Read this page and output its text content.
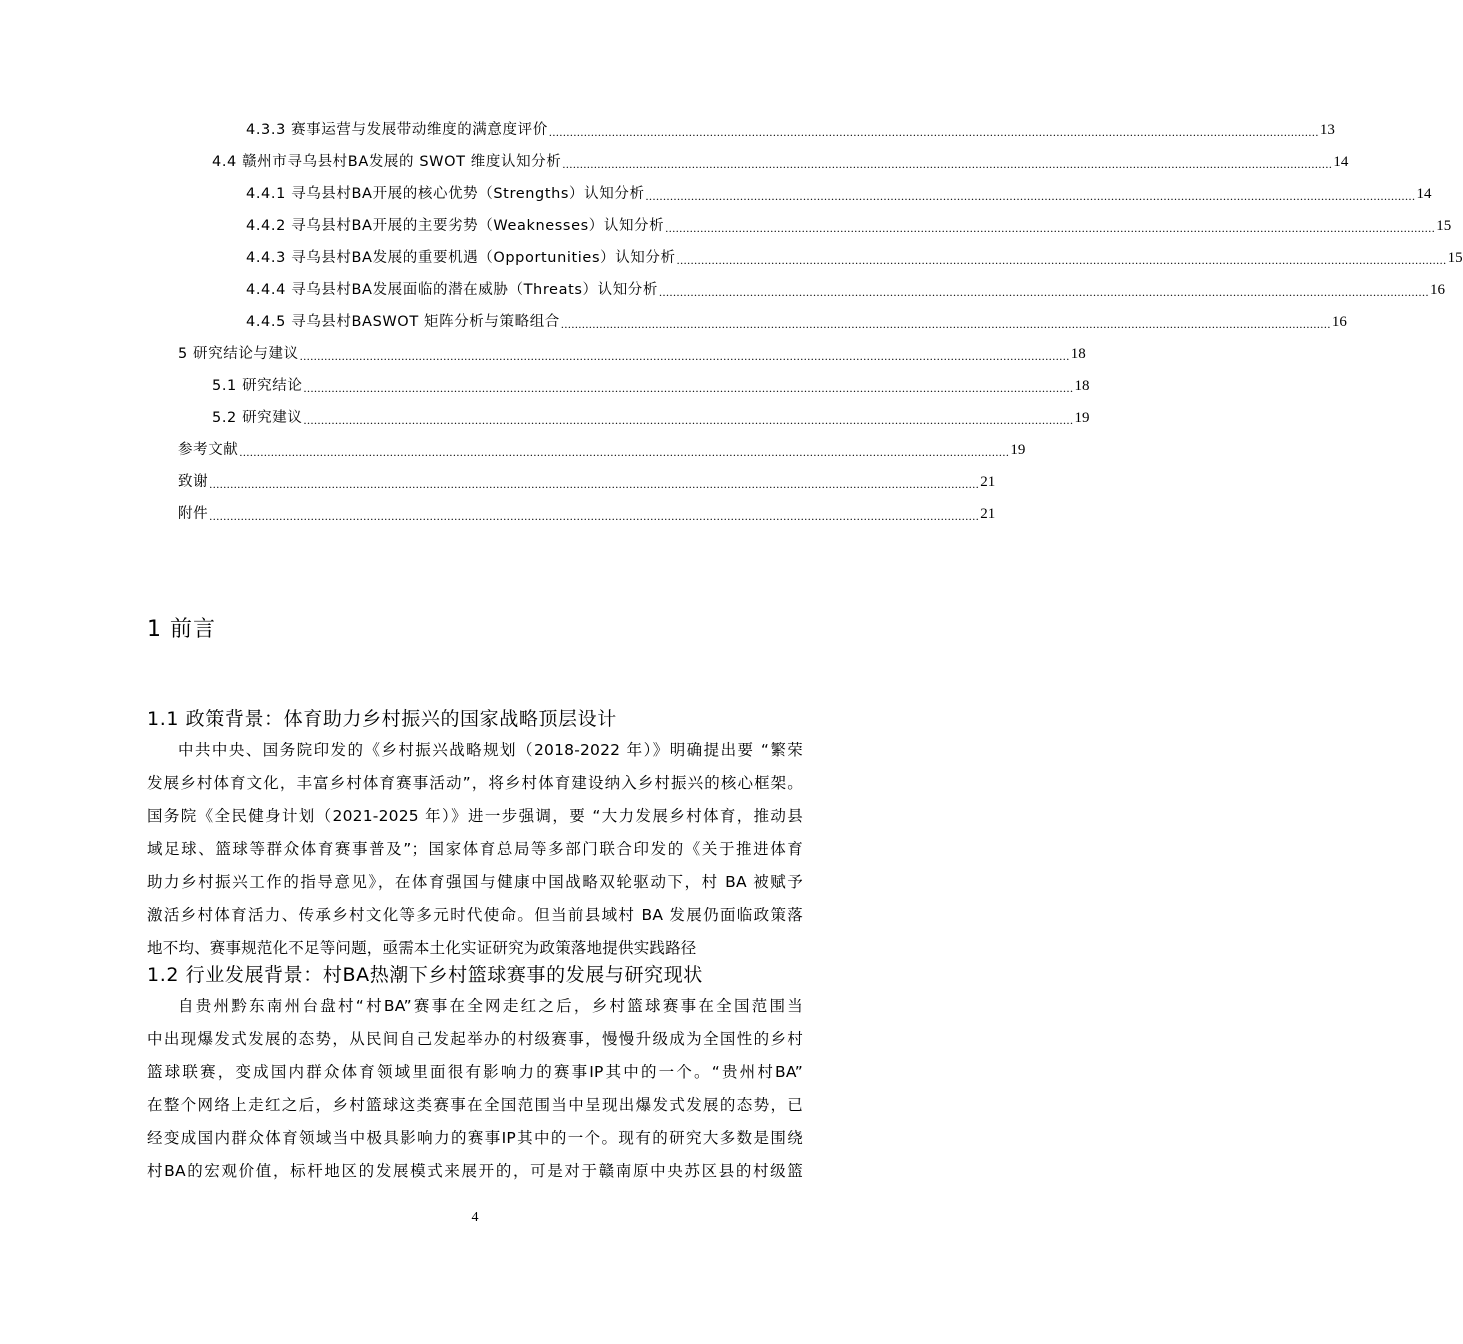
4.3.3 赛事运营与发展带动维度的满意度评价 ............................................................................................................................................................................................................................ 13
4.4 赣州市寻乌县村BA发展的 SWOT 维度认知分析 ............................................................................................................................................................................................................................ 14
4.4.1 寻乌县村BA开展的核心优势（Strengths）认知分析 ............................................................................................................................................................................................................................ 14
4.4.2 寻乌县村BA开展的主要劣势（Weaknesses）认知分析 ............................................................................................................................................................................................................................ 15
4.4.3 寻乌县村BA发展的重要机遇（Opportunities）认知分析 ............................................................................................................................................................................................................................ 15
4.4.4 寻乌县村BA发展面临的潜在威胁（Threats）认知分析 ............................................................................................................................................................................................................................ 16
4.4.5 寻乌县村BASWOT 矩阵分析与策略组合 ............................................................................................................................................................................................................................ 16
5 研究结论与建议 ............................................................................................................................................................................................................................ 18
5.1 研究结论 ............................................................................................................................................................................................................................ 18
5.2 研究建议 ............................................................................................................................................................................................................................ 19
参考文献 ............................................................................................................................................................................................................................ 19
致谢 ............................................................................................................................................................................................................................ 21
附件 ............................................................................................................................................................................................................................ 21
1 前言
1.1 政策背景：体育助力乡村振兴的国家战略顶层设计
中共中央、国务院印发的《乡村振兴战略规划（2018-2022 年）》明确提出要 “繁荣
发展乡村体育文化，丰富乡村体育赛事活动”，将乡村体育建设纳入乡村振兴的核心框架。
国务院《全民健身计划（2021-2025 年）》进一步强调，要 “大力发展乡村体育，推动县
域足球、篮球等群众体育赛事普及”；国家体育总局等多部门联合印发的《关于推进体育
助力乡村振兴工作的指导意见》，在体育强国与健康中国战略双轮驱动下，村 BA 被赋予
激活乡村体育活力、传承乡村文化等多元时代使命。但当前县域村 BA 发展仍面临政策落
地不均、赛事规范化不足等问题，亟需本土化实证研究为政策落地提供实践路径
1.2 行业发展背景：村BA热潮下乡村篮球赛事的发展与研究现状
自贵州黔东南州台盘村“村BA”赛事在全网走红之后，乡村篮球赛事在全国范围当
中出现爆发式发展的态势，从民间自己发起举办的村级赛事，慢慢升级成为全国性的乡村
篮球联赛，变成国内群众体育领域里面很有影响力的赛事IP其中的一个。“贵州村BA”
在整个网络上走红之后，乡村篮球这类赛事在全国范围当中呈现出爆发式发展的态势，已
经变成国内群众体育领域当中极具影响力的赛事IP其中的一个。现有的研究大多数是围绕
村BA的宏观价值，标杆地区的发展模式来展开的，可是对于赣南原中央苏区县的村级篮
4
